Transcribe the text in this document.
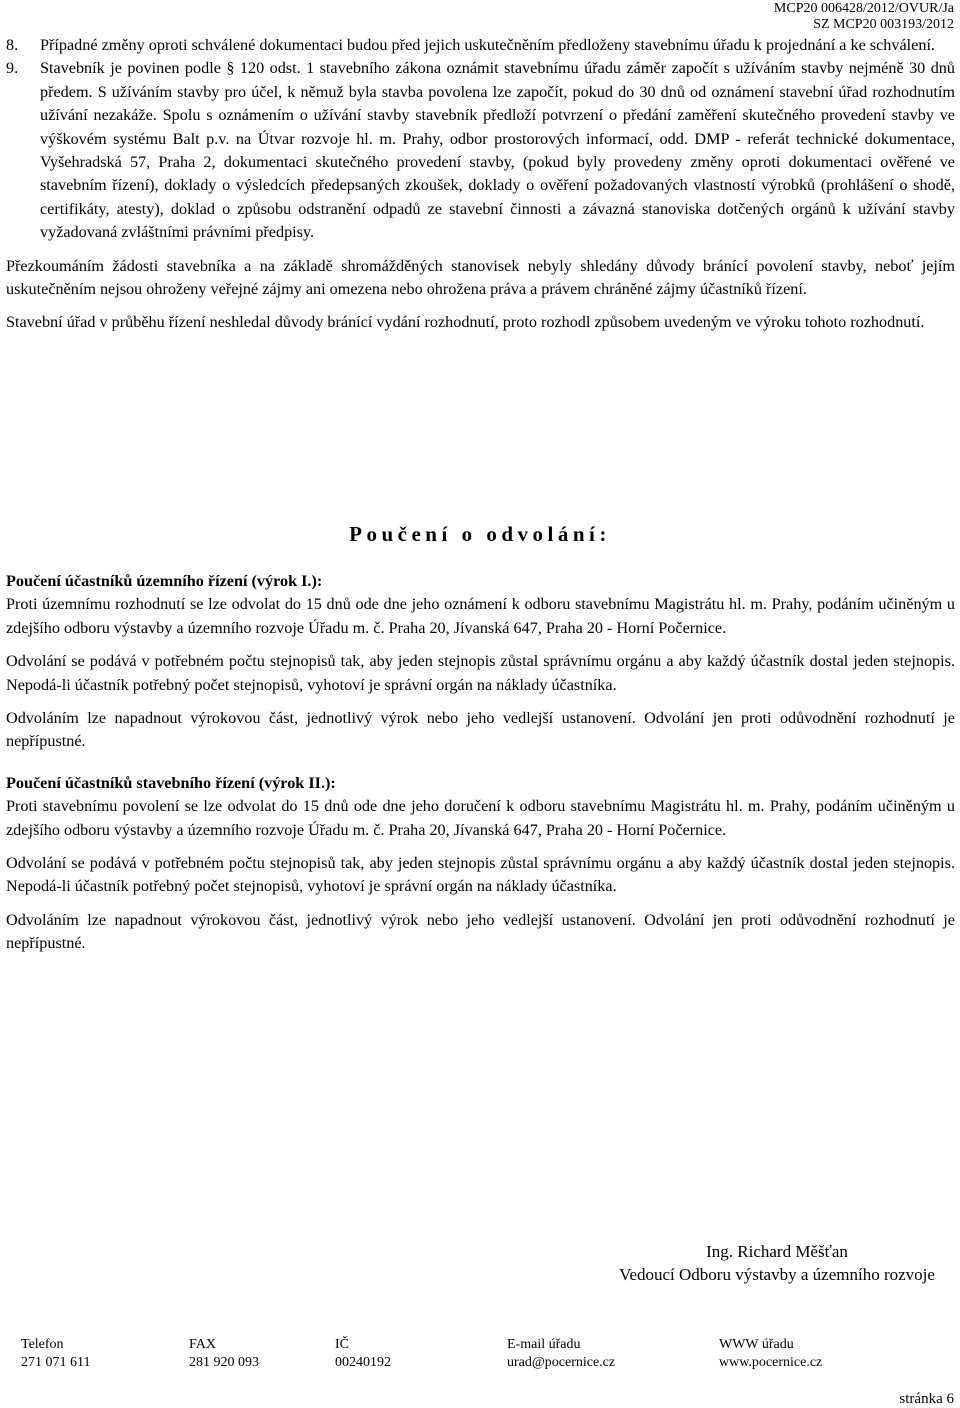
MCP20 006428/2012/OVUR/Ja
SZ MCP20 003193/2012
8. Případné změny oproti schválené dokumentaci budou před jejich uskutečněním předloženy stavebnímu úřadu k projednání a ke schválení.
9. Stavebník je povinen podle § 120 odst. 1 stavebního zákona oznámit stavebnímu úřadu záměr započít s užíváním stavby nejméně 30 dnů předem. S užíváním stavby pro účel, k němuž byla stavba povolena lze započít, pokud do 30 dnů od oznámení stavební úřad rozhodnutím užívání nezakáže. Spolu s oznámením o užívání stavby stavebník předloží potvrzení o předání zaměření skutečného provedení stavby ve výškovém systému Balt p.v. na Útvar rozvoje hl. m. Prahy, odbor prostorových informací, odd. DMP - referát technické dokumentace, Vyšehradská 57, Praha 2, dokumentaci skutečného provedení stavby, (pokud byly provedeny změny oproti dokumentaci ověřené ve stavebním řízení), doklady o výsledcích předepsaných zkoušek, doklady o ověření požadovaných vlastností výrobků (prohlášení o shodě, certifikáty, atesty), doklad o způsobu odstranění odpadů ze stavební činnosti a závazná stanoviska dotčených orgánů k užívání stavby vyžadovaná zvláštními právními předpisy.

Přezkoumáním žádosti stavebníka a na základě shromážděných stanovisek nebyly shledány důvody bránící povolení stavby, neboť jejím uskutečněním nejsou ohroženy veřejné zájmy ani omezena nebo ohrožena práva a právem chráněné zájmy účastníků řízení.

Stavební úřad v průběhu řízení neshledal důvody bránící vydání rozhodnutí, proto rozhodl způsobem uvedeným ve výroku tohoto rozhodnutí.

Poučení o odvolání:
Poučení účastníků územního řízení (výrok I.):

Proti územnímu rozhodnutí se lze odvolat do 15 dnů ode dne jeho oznámení k odboru stavebnímu Magistrátu hl. m. Prahy, podáním učiněným u zdejšího odboru výstavby a územního rozvoje Úřadu m. č. Praha 20, Jívanská 647, Praha 20 - Horní Počernice.

Odvolání se podává v potřebném počtu stejnopisů tak, aby jeden stejnopis zůstal správnímu orgánu a aby každý účastník dostal jeden stejnopis. Nepodá-li účastník potřebný počet stejnopisů, vyhotoví je správní orgán na náklady účastníka.

Odvoláním lze napadnout výrokovou část, jednotlivý výrok nebo jeho vedlejší ustanovení. Odvolání jen proti odůvodnění rozhodnutí je nepřípustné.

Poučení účastníků stavebního řízení (výrok II.):

Proti stavebnímu povolení se lze odvolat do 15 dnů ode dne jeho doručení k odboru stavebnímu Magistrátu hl. m. Prahy, podáním učiněným u zdejšího odboru výstavby a územního rozvoje Úřadu m. č. Praha 20, Jívanská 647, Praha 20 - Horní Počernice.

Odvolání se podává v potřebném počtu stejnopisů tak, aby jeden stejnopis zůstal správnímu orgánu a aby každý účastník dostal jeden stejnopis. Nepodá-li účastník potřebný počet stejnopisů, vyhotoví je správní orgán na náklady účastníka.

Odvoláním lze napadnout výrokovou část, jednotlivý výrok nebo jeho vedlejší ustanovení. Odvolání jen proti odůvodnění rozhodnutí je nepřípustné.

Ing. Richard Měšťan
Vedoucí Odboru výstavby a územního rozvoje
Telefon
271 071 611
FAX
281 920 093
IČ
00240192
E-mail úřadu
urad@pocernice.cz
WWW úřadu
www.pocernice.cz
stránka 6
